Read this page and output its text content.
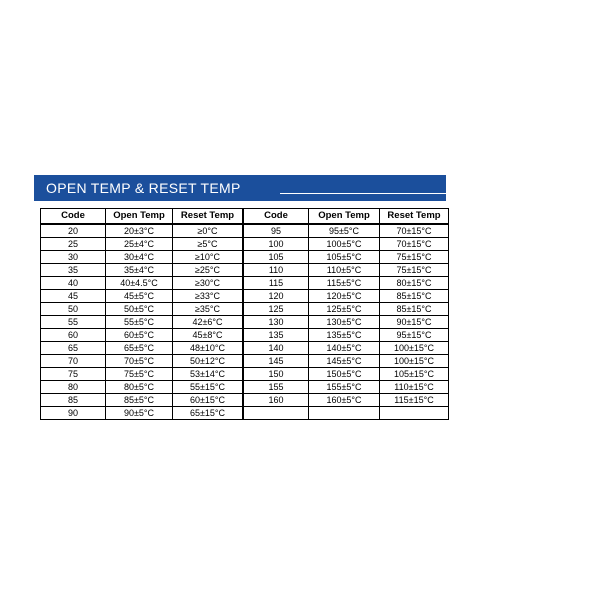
OPEN TEMP & RESET TEMP
Code	Open Temp	Reset Temp	Code	Open Temp	Reset Temp
20	20±3°C	≥0°C	95	95±5°C	70±15°C
25	25±4°C	≥5°C	100	100±5°C	70±15°C
30	30±4°C	≥10°C	105	105±5°C	75±15°C
35	35±4°C	≥25°C	110	110±5°C	75±15°C
40	40±4.5°C	≥30°C	115	115±5°C	80±15°C
45	45±5°C	≥33°C	120	120±5°C	85±15°C
50	50±5°C	≥35°C	125	125±5°C	85±15°C
55	55±5°C	42±6°C	130	130±5°C	90±15°C
60	60±5°C	45±8°C	135	135±5°C	95±15°C
65	65±5°C	48±10°C	140	140±5°C	100±15°C
70	70±5°C	50±12°C	145	145±5°C	100±15°C
75	75±5°C	53±14°C	150	150±5°C	105±15°C
80	80±5°C	55±15°C	155	155±5°C	110±15°C
85	85±5°C	60±15°C	160	160±5°C	115±15°C
90	90±5°C	65±15°C			
